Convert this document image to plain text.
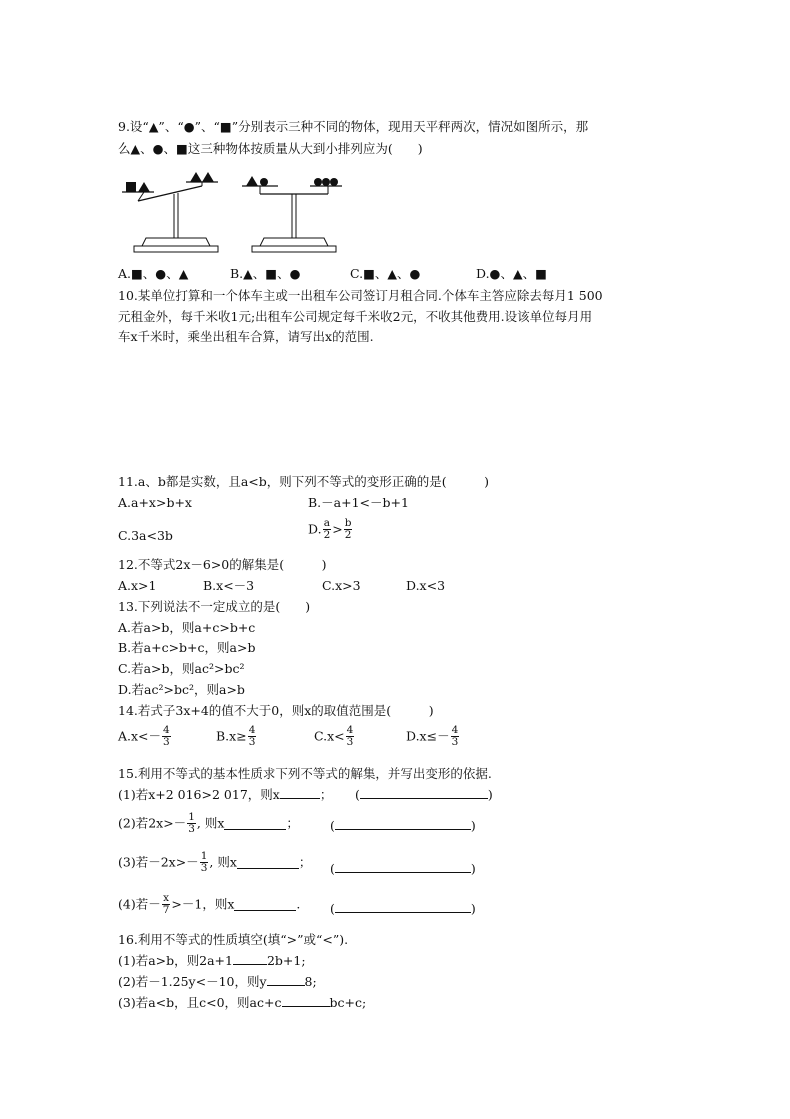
9.设“▲”、“●”、“■”分别表示三种不同的物体，现用天平秤两次，情况如图所示，那
么▲、●、■这三种物体按质量从大到小排列应为(　　)
A.■、●、▲	B.▲、■、●	C.■、▲、●	D.●、▲、■
10.某单位打算和一个体车主或一出租车公司签订月租合同.个体车主答应除去每月1 500
元租金外，每千米收1元;出租车公司规定每千米收2元，不收其他费用.设该单位每月用
车x千米时，乘坐出租车合算，请写出x的范围.
11.a、b都是实数，且a<b，则下列不等式的变形正确的是(　　　)
A.a+x>b+x	B.－a+1<－b+1
C.3a<3b	D. $\frac{a}{2} > \frac{b}{2}$
12.不等式2x－6>0的解集是(　　　)
A.x>1	B.x<－3	C.x>3	D.x<3
13.下列说法不一定成立的是(　　)
A.若a>b，则a+c>b+c
B.若a+c>b+c，则a>b
C.若a>b，则ac²>bc²
D.若ac²>bc²，则a>b
14.若式子3x+4的值不大于0，则x的取值范围是(　　　)
$A.x<- \frac{4}{3}$	$B.x\ge \frac{4}{3}$	$C.x< \frac{4}{3}$	$D.x\le- \frac{4}{3}$
15.利用不等式的基本性质求下列不等式的解集，并写出变形的依据.
(1)若x+2 016>2 017，则x	； (	)
(2)若$2x>- \frac{1}{3}$ , 则x	； (	)
(3)若$-2x>- \frac{1}{3}$ , 则x	； (	)
(4)若－ $\frac{x}{7} >-1$，则x	. (	)
16.利用不等式的性质填空(填“>”或“<”).
(1)若a>b，则2a+1	2b+1;
(2)若－1.25y<－10，则y	8;
(3)若a<b，且c<0，则ac+c	bc+c;
